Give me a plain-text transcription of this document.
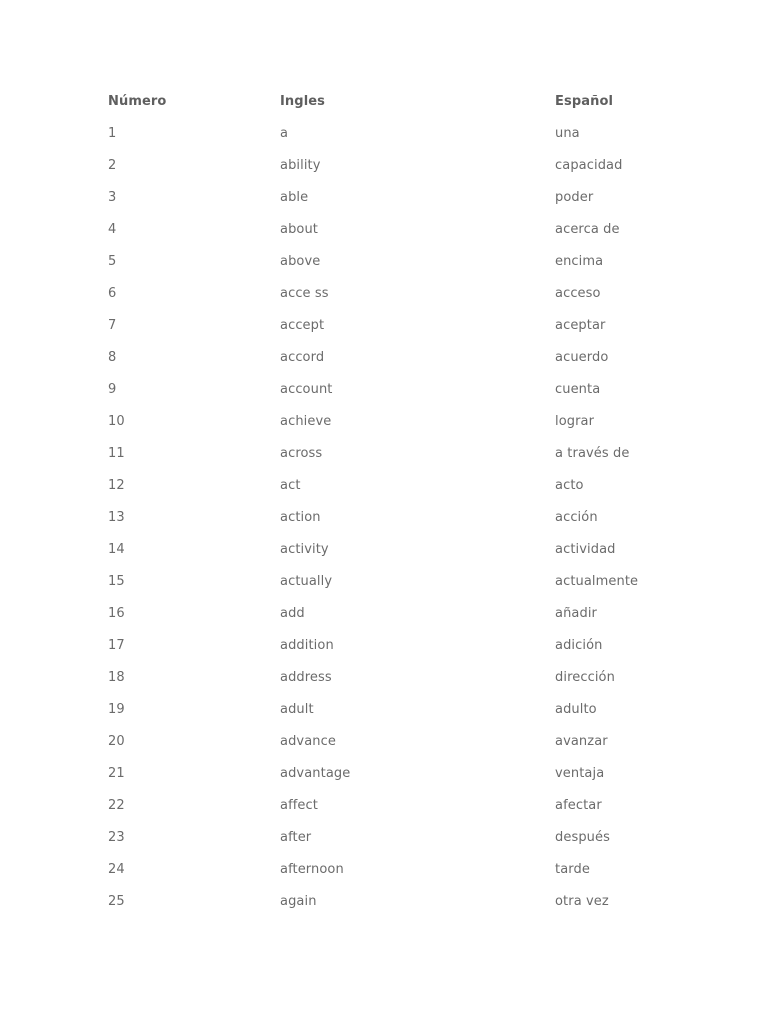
Número	Ingles	Español
1	a	una
2	ability	capacidad
3	able	poder
4	about	acerca de
5	above	encima
6	acce ss	acceso
7	accept	aceptar
8	accord	acuerdo
9	account	cuenta
10	achieve	lograr
11	across	a través de
12	act	acto
13	action	acción
14	activity	actividad
15	actually	actualmente
16	add	añadir
17	addition	adición
18	address	dirección
19	adult	adulto
20	advance	avanzar
21	advantage	ventaja
22	affect	afectar
23	after	después
24	afternoon	tarde
25	again	otra vez
